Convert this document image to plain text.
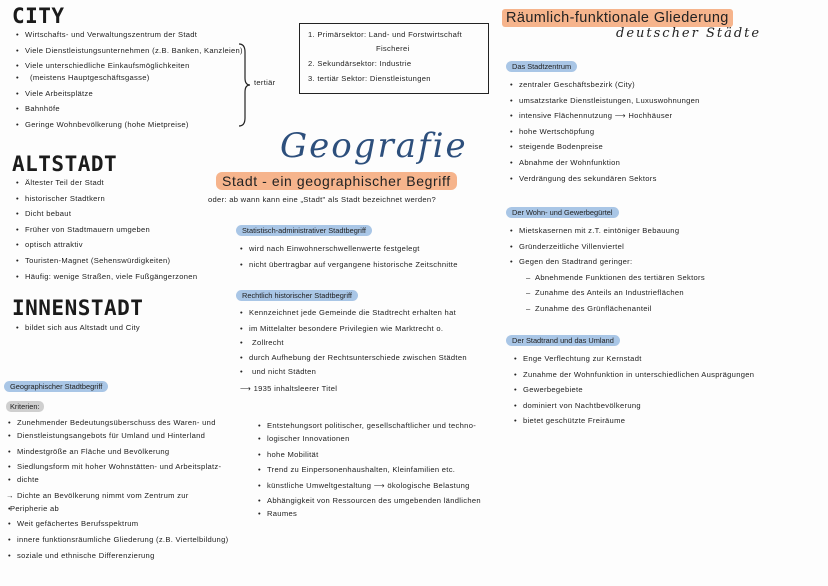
CITY
• Wirtschafts- und Verwaltungszentrum der Stadt
• Viele Dienstleistungsunternehmen (z.B. Banken, Kanzleien)
• Viele unterschiedliche Einkaufsmöglichkeiten
• (meistens Hauptgeschäftsgasse)
• Viele Arbeitsplätze
• Bahnhöfe
• Geringe Wohnbevölkerung (hohe Mietpreise)
tertiär
1. Primärsektor: Land- und Forstwirtschaft
Fischerei
2. Sekundärsektor: Industrie
3. tertiär Sektor: Dienstleistungen
ALTSTADT
• Ältester Teil der Stadt
• historischer Stadtkern
• Dicht bebaut
• Früher von Stadtmauern umgeben
• optisch attraktiv
• Touristen-Magnet (Sehenswürdigkeiten)
• Häufig: wenige Straßen, viele Fußgängerzonen
INNENSTADT
• bildet sich aus Altstadt und City
Geografie
Stadt - ein geographischer Begriff
oder: ab wann kann eine „Stadt" als Stadt bezeichnet werden?
Statistisch-administrativer Stadtbegriff
• wird nach Einwohnerschwellenwerte festgelegt
• nicht übertragbar auf vergangene historische Zeitschnitte
Rechtlich historischer Stadtbegriff
• Kennzeichnet jede Gemeinde die Stadtrecht erhalten hat
• im Mittelalter besondere Privilegien wie Marktrecht o.
• Zollrecht
• durch Aufhebung der Rechtsunterschiede zwischen Städten
• und nicht Städten
⟶ 1935 inhaltsleerer Titel
Geographischer Stadtbegriff
Kriterien:
• Zunehmender Bedeutungsüberschuss des Waren- und
• Dienstleistungsangebots für Umland und Hinterland
• Mindestgröße an Fläche und Bevölkerung
• Siedlungsform mit hoher Wohnstätten- und Arbeitsplatz-
• dichte
→ Dichte an Bevölkerung nimmt vom Zentrum zur
• Peripherie ab
• Weit gefächertes Berufsspektrum
• innere funktionsräumliche Gliederung (z.B. Viertelbildung)
• soziale und ethnische Differenzierung
• Entstehungsort politischer, gesellschaftlicher und techno-
• logischer Innovationen
• hohe Mobilität
• Trend zu Einpersonenhaushalten, Kleinfamilien etc.
• künstliche Umweltgestaltung ⟶ ökologische Belastung
• Abhängigkeit von Ressourcen des umgebenden ländlichen
• Raumes
Räumlich-funktionale Gliederung
deutscher Städte
Das Stadtzentrum
• zentraler Geschäftsbezirk (City)
• umsatzstarke Dienstleistungen, Luxuswohnungen
• intensive Flächennutzung ⟶ Hochhäuser
• hohe Wertschöpfung
• steigende Bodenpreise
• Abnahme der Wohnfunktion
• Verdrängung des sekundären Sektors
Der Wohn- und Gewerbegürtel
• Mietskasernen mit z.T. eintöniger Bebauung
• Gründerzeitliche Villenviertel
• Gegen den Stadtrand geringer:
– Abnehmende Funktionen des tertiären Sektors
– Zunahme des Anteils an Industrieflächen
– Zunahme des Grünflächenanteil
Der Stadtrand und das Umland
• Enge Verflechtung zur Kernstadt
• Zunahme der Wohnfunktion in unterschiedlichen Ausprägungen
• Gewerbegebiete
• dominiert von Nachtbevölkerung
• bietet geschützte Freiräume
